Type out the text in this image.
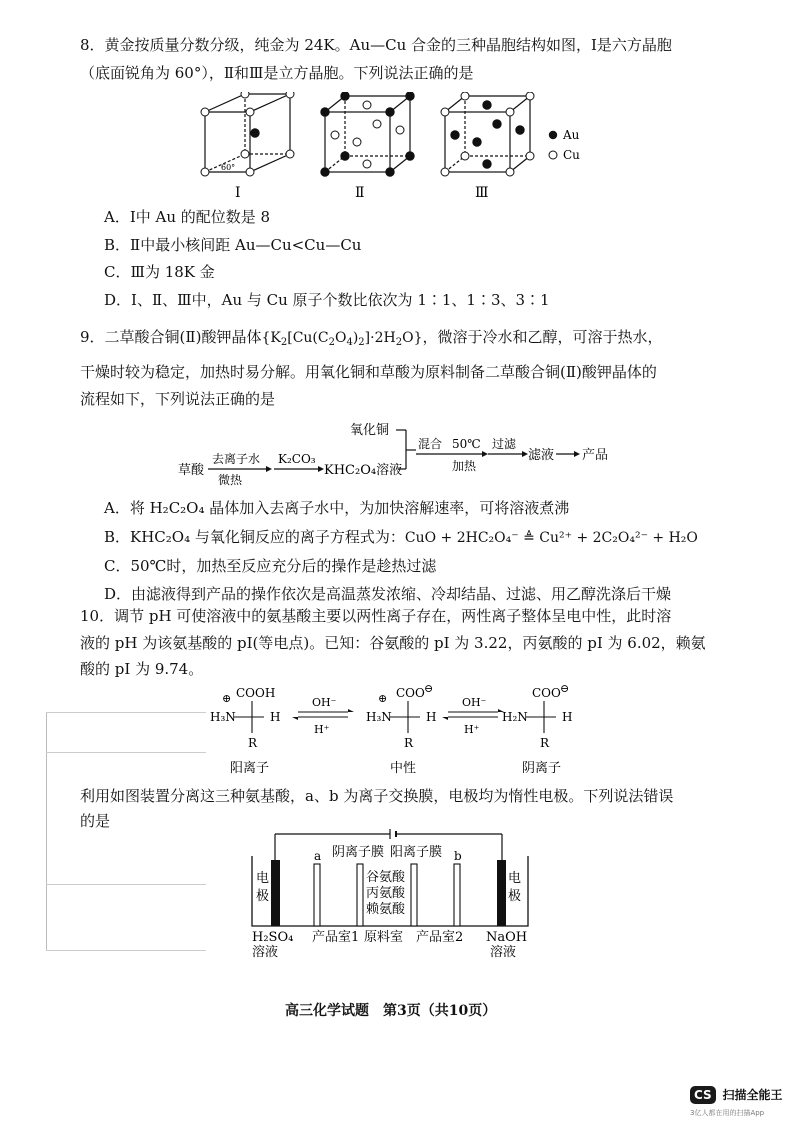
8．黄金按质量分数分级，纯金为 24K。Au—Cu 合金的三种晶胞结构如图，Ⅰ是六方晶胞
（底面锐角为 60°），Ⅱ和Ⅲ是立方晶胞。下列说法正确的是
60°
Ⅰ	Ⅱ	Ⅲ
Au
Cu
A．Ⅰ中 Au 的配位数是 8
B．Ⅱ中最小核间距 Au—Cu<Cu—Cu
C．Ⅲ为 18K 金
D．Ⅰ、Ⅱ、Ⅲ中，Au 与 Cu 原子个数比依次为 1∶1、1∶3、3∶1
9．二草酸合铜(Ⅱ)酸钾晶体$\{K_2[Cu(C_2O_4)_2]\cdot 2H_2O\}$，微溶于冷水和乙醇，可溶于热水，
干燥时较为稳定，加热时易分解。用氧化铜和草酸为原料制备二草酸合铜(Ⅱ)酸钾晶体的
流程如下，下列说法正确的是
草酸
去离子水
微热
K₂CO₃
KHC₂O₄溶液
氧化铜
混合 50℃
加热
过滤
滤液 产品
A．将 H₂C₂O₄ 晶体加入去离子水中，为加快溶解速率，可将溶液煮沸
B．KHC₂O₄ 与氧化铜反应的离子方程式为：CuO + 2HC₂O₄⁻ ≜ Cu²⁺ + 2C₂O₄²⁻ + H₂O
C．50℃时，加热至反应充分后的操作是趁热过滤
D．由滤液得到产品的操作依次是高温蒸发浓缩、冷却结晶、过滤、用乙醇洗涤后干燥
10．调节 pH 可使溶液中的氨基酸主要以两性离子存在，两性离子整体呈电中性，此时溶
液的 pH 为该氨基酸的 pI(等电点)。已知：谷氨酸的 pI 为 3.22，丙氨酸的 pI 为 6.02，赖氨
酸的 pI 为 9.74。
⊕ COOH
H₃N	H
R
阳离子
OH⁻
H⁺
⊕ COO ⊖
H₃N	H
R
中性
OH⁻
H⁺
COO ⊖
H₂N	H
R
阴离子
利用如图装置分离这三种氨基酸，a、b 为离子交换膜，电极均为惰性电极。下列说法错误
的是
a	b
阴离子膜 阳离子膜
电
极
电
极
谷氨酸
丙氨酸
赖氨酸
H₂SO₄
溶液
产品室1 原料室 产品室2 NaOH
溶液
高三化学试题　第3页（共10页）
CS 扫描全能王
3亿人都在用的扫描App
